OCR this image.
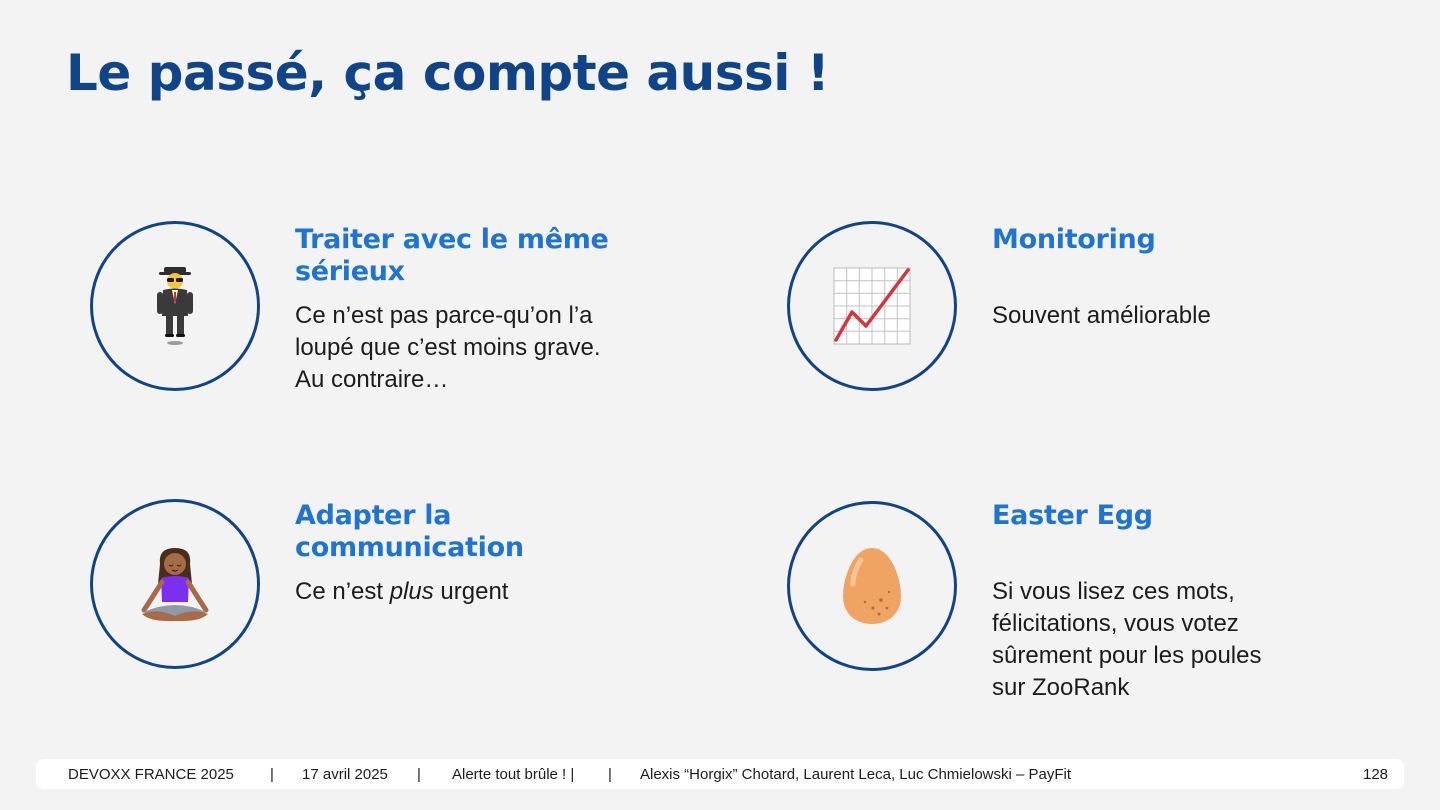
Le passé, ça compte aussi !
Traiter avec le même sérieux

Ce n’est pas parce-qu’on l’a loupé que c’est moins grave. Au contraire…

Monitoring

Souvent améliorable

Adapter la communication

Ce n’est plus urgent

Easter Egg

Si vous lisez ces mots, félicitations, vous votez sûrement pour les poules sur ZooRank

DEVOXX FRANCE 2025 | 17 avril 2025 | Alerte tout brûle ! | | Alexis “Horgix” Chotard, Laurent Leca, Luc Chmielowski – PayFit	128
